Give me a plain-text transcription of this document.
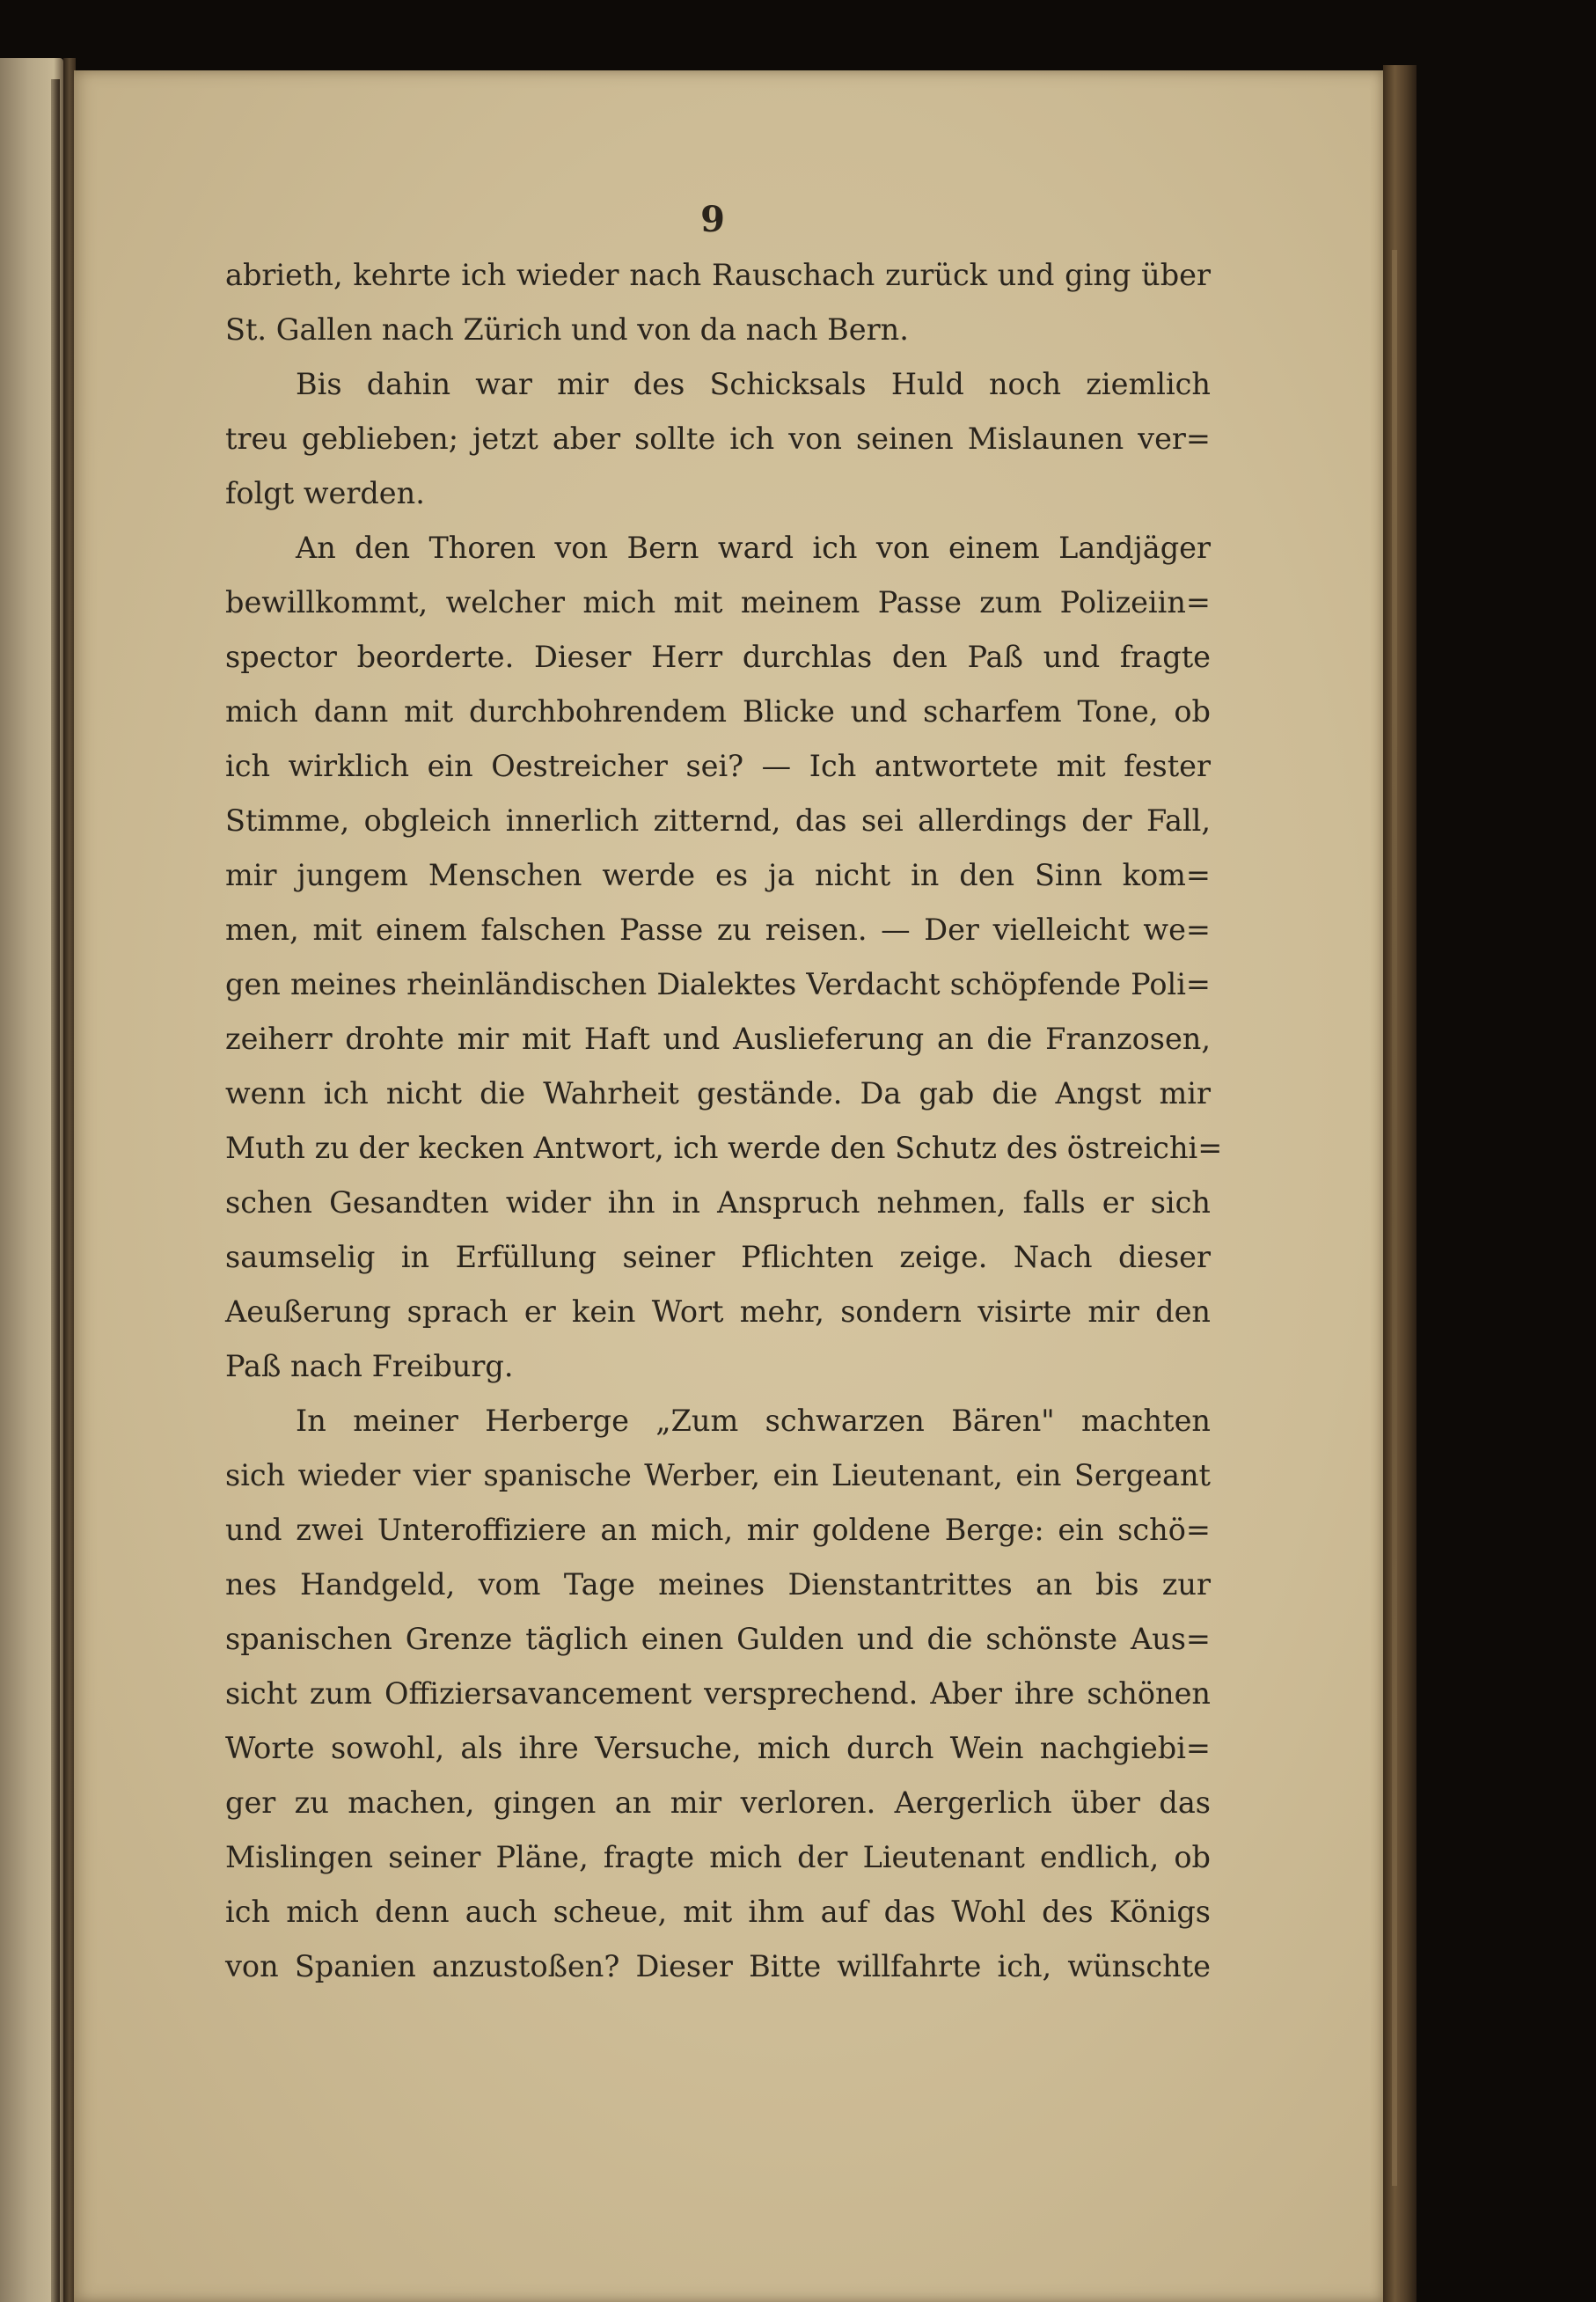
9
abrieth, kehrte ich wieder nach Rauschach zurück und ging über
St. Gallen nach Zürich und von da nach Bern.
Bis dahin war mir des Schicksals Huld noch ziemlich
treu geblieben; jetzt aber sollte ich von seinen Mislaunen ver=
folgt werden.
An den Thoren von Bern ward ich von einem Landjäger
bewillkommt, welcher mich mit meinem Passe zum Polizeiin=
spector beorderte. Dieser Herr durchlas den Paß und fragte
mich dann mit durchbohrendem Blicke und scharfem Tone, ob
ich wirklich ein Oestreicher sei? — Ich antwortete mit fester
Stimme, obgleich innerlich zitternd, das sei allerdings der Fall,
mir jungem Menschen werde es ja nicht in den Sinn kom=
men, mit einem falschen Passe zu reisen. — Der vielleicht we=
gen meines rheinländischen Dialektes Verdacht schöpfende Poli=
zeiherr drohte mir mit Haft und Auslieferung an die Franzosen,
wenn ich nicht die Wahrheit gestände. Da gab die Angst mir
Muth zu der kecken Antwort, ich werde den Schutz des östreichi=
schen Gesandten wider ihn in Anspruch nehmen, falls er sich
saumselig in Erfüllung seiner Pflichten zeige. Nach dieser
Aeußerung sprach er kein Wort mehr, sondern visirte mir den
Paß nach Freiburg.
In meiner Herberge „Zum schwarzen Bären" machten
sich wieder vier spanische Werber, ein Lieutenant, ein Sergeant
und zwei Unteroffiziere an mich, mir goldene Berge: ein schö=
nes Handgeld, vom Tage meines Dienstantrittes an bis zur
spanischen Grenze täglich einen Gulden und die schönste Aus=
sicht zum Offiziersavancement versprechend. Aber ihre schönen
Worte sowohl, als ihre Versuche, mich durch Wein nachgiebi=
ger zu machen, gingen an mir verloren. Aergerlich über das
Mislingen seiner Pläne, fragte mich der Lieutenant endlich, ob
ich mich denn auch scheue, mit ihm auf das Wohl des Königs
von Spanien anzustoßen? Dieser Bitte willfahrte ich, wünschte
